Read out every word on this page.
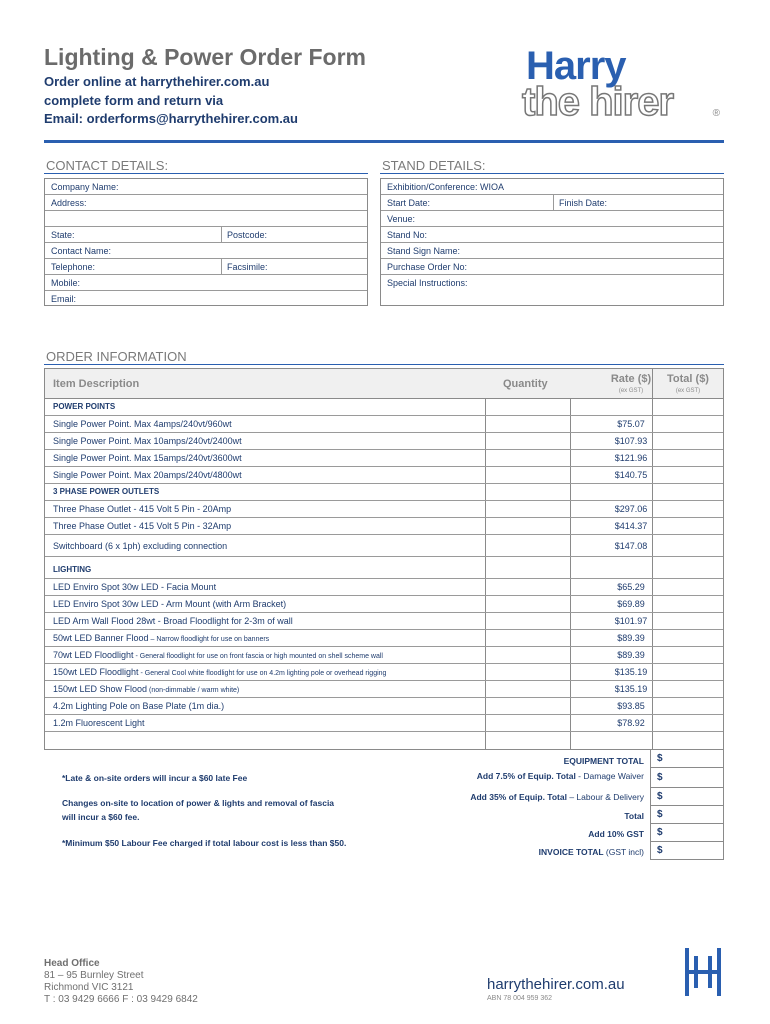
Lighting & Power Order Form
Order online at harrythehirer.com.au
complete form and return via
Email: orderforms@harrythehirer.com.au
Harry
the hirer	®
CONTACT DETAILS:
Company Name:
Address:
State:	Postcode:
Contact Name:
Telephone:	Facsimile:
Mobile:
Email:
STAND DETAILS:
Exhibition/Conference: WIOA
Start Date:	Finish Date:
Venue:
Stand No:
Stand Sign Name:
Purchase Order No:
Special Instructions:
ORDER INFORMATION
Item Description	Quantity	Rate ($)
(ex GST)
Total ($)
(ex GST)
POWER POINTS
Single Power Point. Max 4amps/240vt/960wt	$75.07
Single Power Point. Max 10amps/240vt/2400wt	$107.93
Single Power Point. Max 15amps/240vt/3600wt	$121.96
Single Power Point. Max 20amps/240vt/4800wt	$140.75
3 PHASE POWER OUTLETS
Three Phase Outlet - 415 Volt 5 Pin - 20Amp	$297.06
Three Phase Outlet - 415 Volt 5 Pin - 32Amp	$414.37
Switchboard (6 x 1ph) excluding connection	$147.08
LIGHTING
LED Enviro Spot 30w LED - Facia Mount	$65.29
LED Enviro Spot 30w LED - Arm Mount (with Arm Bracket)	$69.89
LED Arm Wall Flood 28wt - Broad Floodlight for 2-3m of wall	$101.97
50wt LED Banner Flood – Narrow floodlight for use on banners	$89.39
70wt LED Floodlight - General floodlight for use on front fascia or high mounted on shell scheme wall	$89.39
150wt LED Floodlight - General Cool white floodlight for use on 4.2m lighting pole or overhead rigging	$135.19
150wt LED Show Flood (non-dimmable / warm white)	$135.19
4.2m Lighting Pole on Base Plate (1m dia.)	$93.85
1.2m Fluorescent Light	$78.92
EQUIPMENT TOTAL	$
Add 7.5% of Equip. Total - Damage Waiver	$
Add 35% of Equip. Total – Labour & Delivery	$
Total	$
Add 10% GST	$
INVOICE TOTAL (GST incl)	$
*Late & on-site orders will incur a $60 late Fee
Changes on-site to location of power & lights and removal of fascia
will incur a $60 fee.
*Minimum $50 Labour Fee charged if total labour cost is less than $50.
Head Office
81 – 95 Burnley Street
Richmond VIC 3121
T : 03 9429 6666 F : 03 9429 6842
harrythehirer.com.au
ABN 78 004 959 362
